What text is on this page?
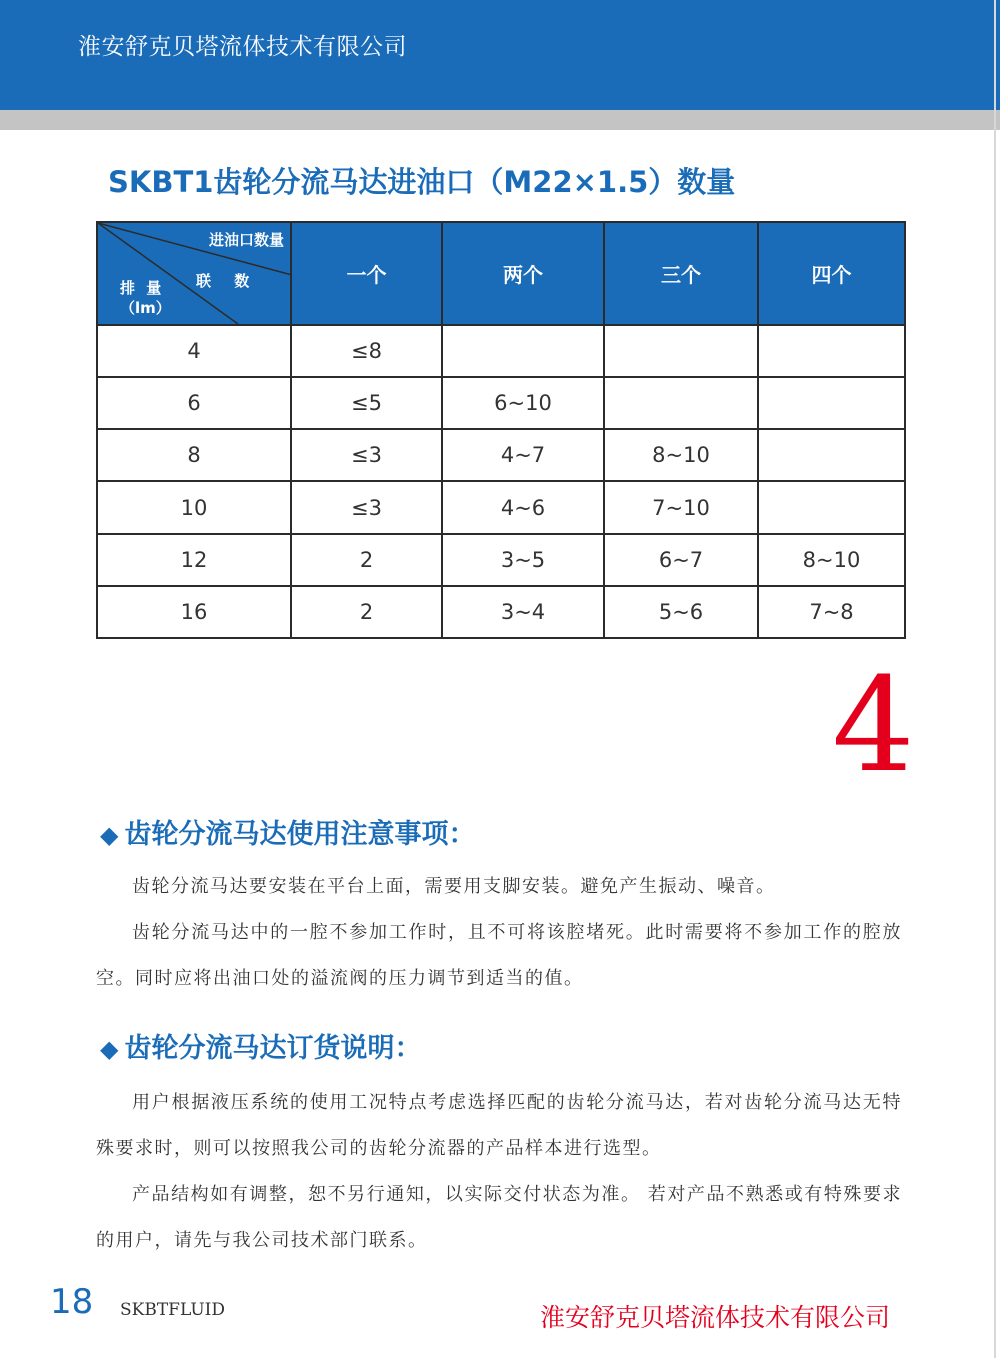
淮安舒克贝塔流体技术有限公司
SKBT1齿轮分流马达进油口（M22×1.5）数量
进油口数量
联 数
排 量
（lm）	一个	两个	三个	四个
4	≤8			
6	≤5	6~10		
8	≤3	4~7	8~10	
10	≤3	4~6	7~10	
12	2	3~5	6~7	8~10
16	2	3~4	5~6	7~8
4
◆ 齿轮分流马达使用注意事项：

齿轮分流马达要安装在平台上面，需要用支脚安装。避免产生振动、噪音。

齿轮分流马达中的一腔不参加工作时，且不可将该腔堵死。此时需要将不参加工作的腔放空。同时应将出油口处的溢流阀的压力调节到适当的值。

◆ 齿轮分流马达订货说明：

用户根据液压系统的使用工况特点考虑选择匹配的齿轮分流马达，若对齿轮分流马达无特殊要求时，则可以按照我公司的齿轮分流器的产品样本进行选型。

产品结构如有调整，恕不另行通知，以实际交付状态为准。 若对产品不熟悉或有特殊要求的用户，请先与我公司技术部门联系。

18 SKBTFLUID	淮安舒克贝塔流体技术有限公司
